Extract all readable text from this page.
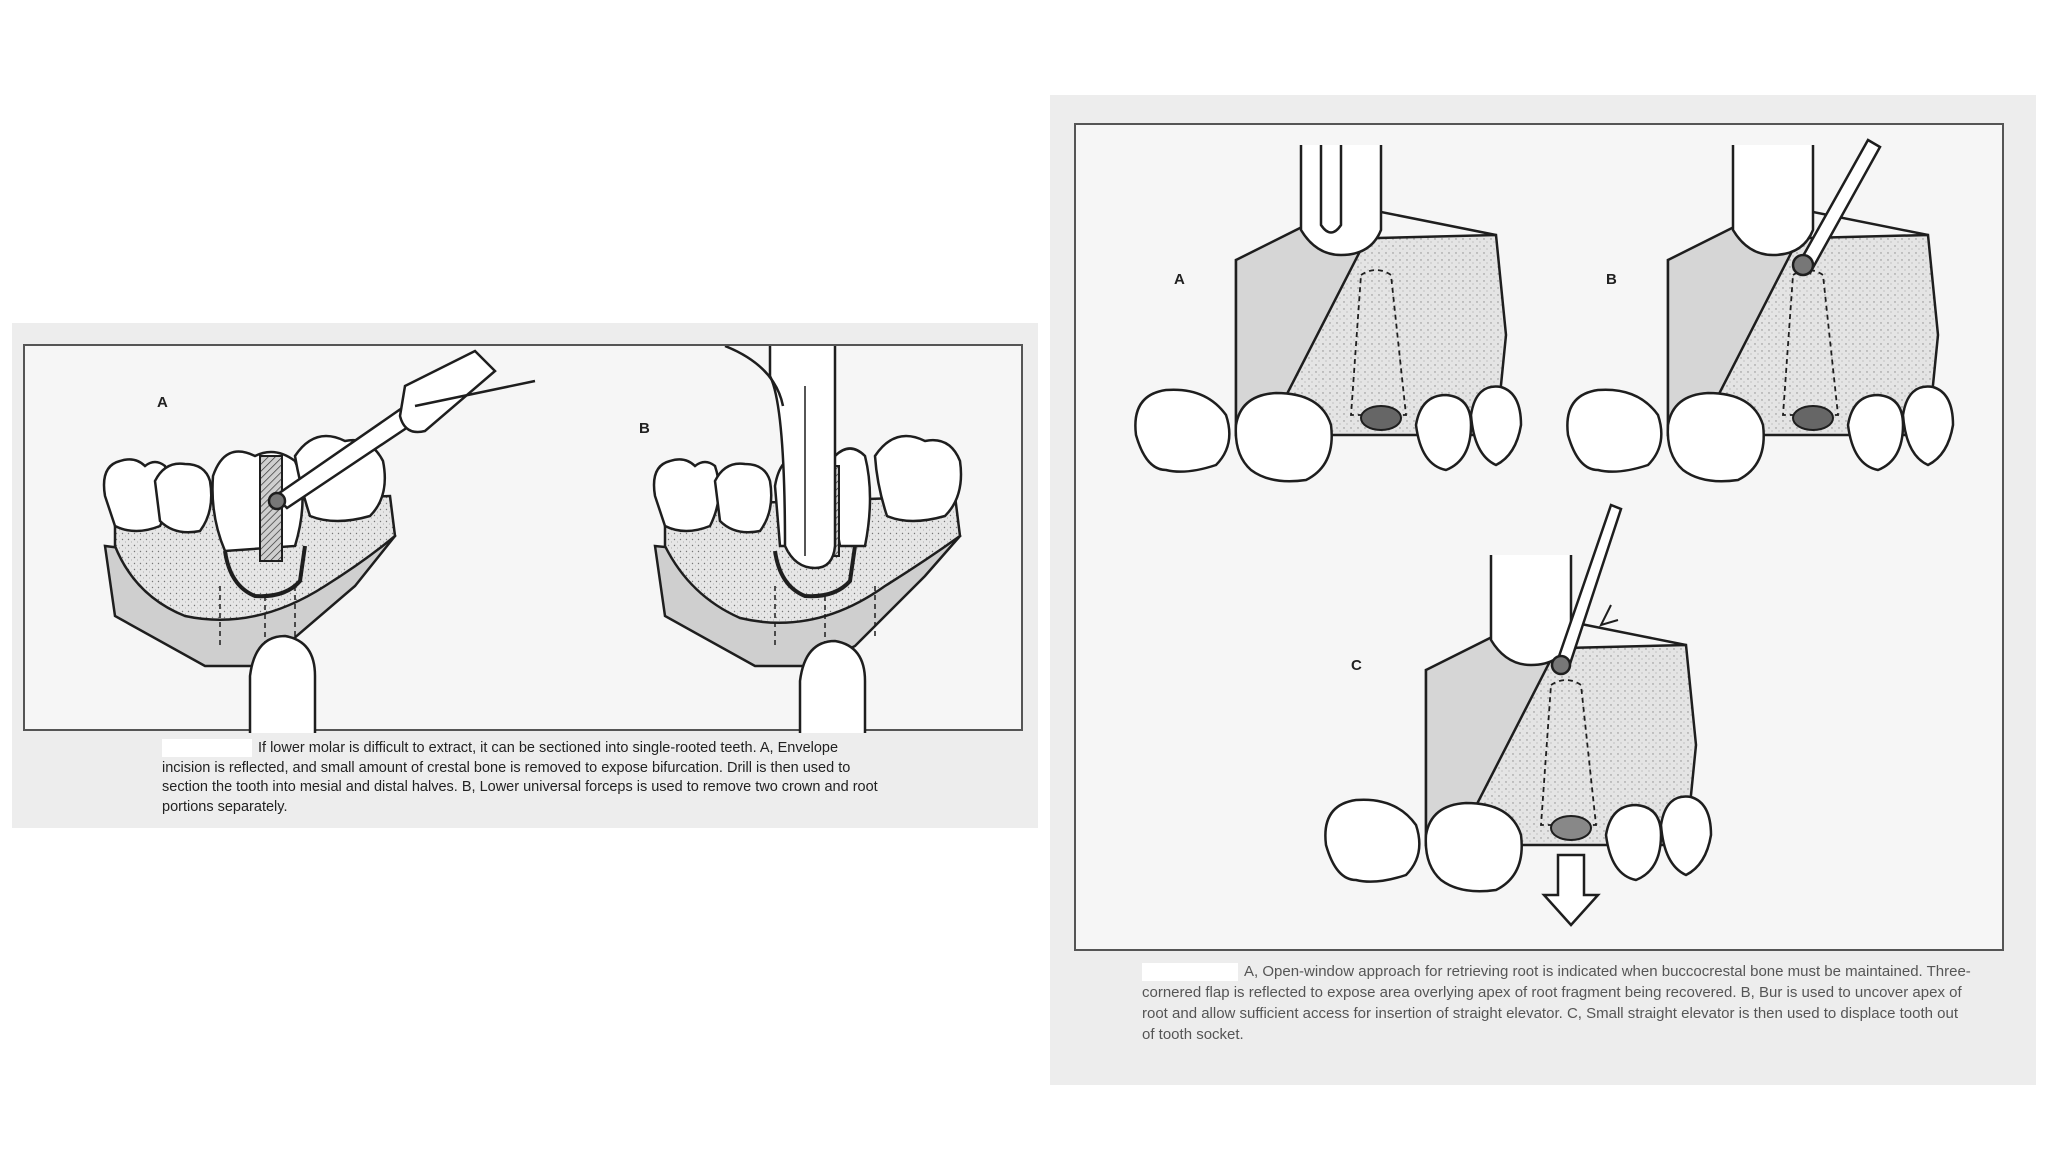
A
B
If lower molar is difficult to extract, it can be sectioned into single-rooted teeth. A, Envelope incision is reflected, and small amount of crestal bone is removed to expose bifurcation. Drill is then used to section the tooth into mesial and distal halves. B, Lower universal forceps is used to remove two crown and root portions separately.
A	B
C
A, Open-window approach for retrieving root is indicated when buccocrestal bone must be maintained. Three-cornered flap is reflected to expose area overlying apex of root fragment being recovered. B, Bur is used to uncover apex of root and allow sufficient access for insertion of straight elevator. C, Small straight elevator is then used to displace tooth out of tooth socket.
